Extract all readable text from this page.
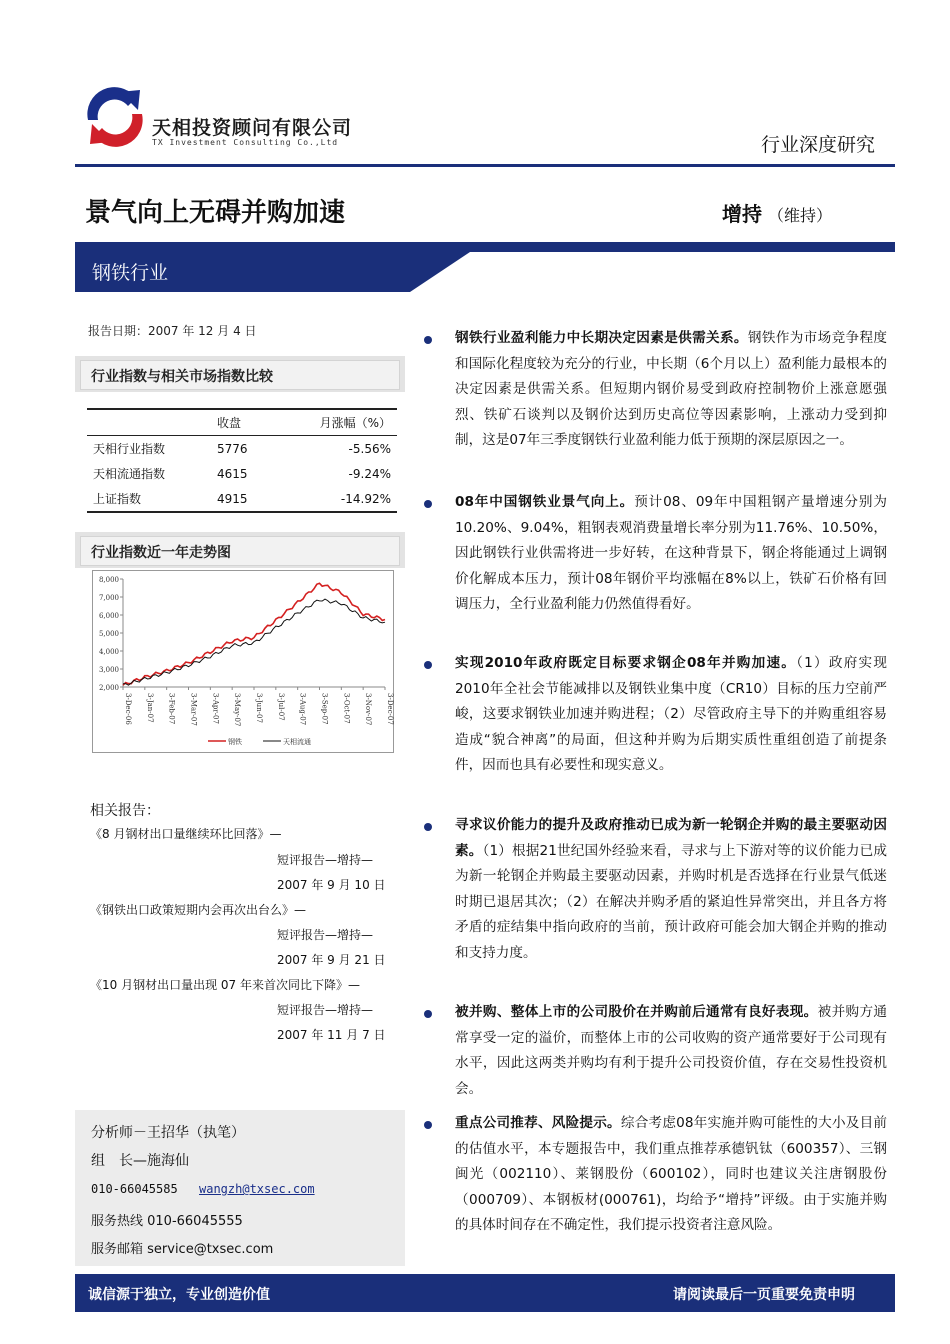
天相投资顾问有限公司
TX Investment Consulting Co.,Ltd	行业深度研究
景气向上无碍并购加速	增持 （维持）
钢铁行业
报告日期：2007 年 12 月 4 日
行业指数与相关市场指数比较
	收盘	月涨幅（%）
天相行业指数	5776	-5.56%
天相流通指数	4615	-9.24%
上证指数	4915	-14.92%
行业指数近一年走势图
8,000
7,000
6,000
5,000
4,000
3,000
2,000
3-Dec-06 3-Jan-07 3-Feb-07 3-Mar-07 3-Apr-07 3-May-07 3-Jun-07 3-Jul-07 3-Aug-07 3-Sep-07 3-Oct-07 3-Nov-07 3-Dec-07
钢铁	天相流通
相关报告：
《8 月钢材出口量继续环比回落》—
短评报告—增持—
2007 年 9 月 10 日
《钢铁出口政策短期内会再次出台么》—
短评报告—增持—
2007 年 9 月 21 日
《10 月钢材出口量出现 07 年来首次同比下降》—
短评报告—增持—
2007 年 11 月 7 日
分析师－王招华（执笔）
组　长—施海仙
010-66045585 wangzh@txsec.com
服务热线 010-66045555
服务邮箱 service@txsec.com
钢铁行业盈利能力中长期决定因素是供需关系。钢铁作为市场竞争程度和国际化程度较为充分的行业，中长期（6个月以上）盈利能力最根本的决定因素是供需关系。但短期内钢价易受到政府控制物价上涨意愿强烈、铁矿石谈判以及钢价达到历史高位等因素影响，上涨动力受到抑制，这是07年三季度钢铁行业盈利能力低于预期的深层原因之一。
08年中国钢铁业景气向上。预计08、09年中国粗钢产量增速分别为10.20%、9.04%，粗钢表观消费量增长率分别为11.76%、10.50%，因此钢铁行业供需将进一步好转，在这种背景下，钢企将能通过上调钢价化解成本压力，预计08年钢价平均涨幅在8%以上，铁矿石价格有回调压力，全行业盈利能力仍然值得看好。
实现2010年政府既定目标要求钢企08年并购加速。（1）政府实现2010年全社会节能减排以及钢铁业集中度（CR10）目标的压力空前严峻，这要求钢铁业加速并购进程；（2）尽管政府主导下的并购重组容易造成“貌合神离”的局面，但这种并购为后期实质性重组创造了前提条件，因而也具有必要性和现实意义。
寻求议价能力的提升及政府推动已成为新一轮钢企并购的最主要驱动因素。（1）根据21世纪国外经验来看，寻求与上下游对等的议价能力已成为新一轮钢企并购最主要驱动因素，并购时机是否选择在行业景气低迷时期已退居其次；（2）在解决并购矛盾的紧迫性异常突出，并且各方将矛盾的症结集中指向政府的当前，预计政府可能会加大钢企并购的推动和支持力度。
被并购、整体上市的公司股价在并购前后通常有良好表现。被并购方通常享受一定的溢价，而整体上市的公司收购的资产通常要好于公司现有水平，因此这两类并购均有利于提升公司投资价值，存在交易性投资机会。
重点公司推荐、风险提示。综合考虑08年实施并购可能性的大小及目前的估值水平，本专题报告中，我们重点推荐承德钒钛（600357）、三钢闽光（002110）、莱钢股份（600102），同时也建议关注唐钢股份（000709）、本钢板材(000761)，均给予“增持”评级。由于实施并购的具体时间存在不确定性，我们提示投资者注意风险。
诚信源于独立，专业创造价值	请阅读最后一页重要免责申明
